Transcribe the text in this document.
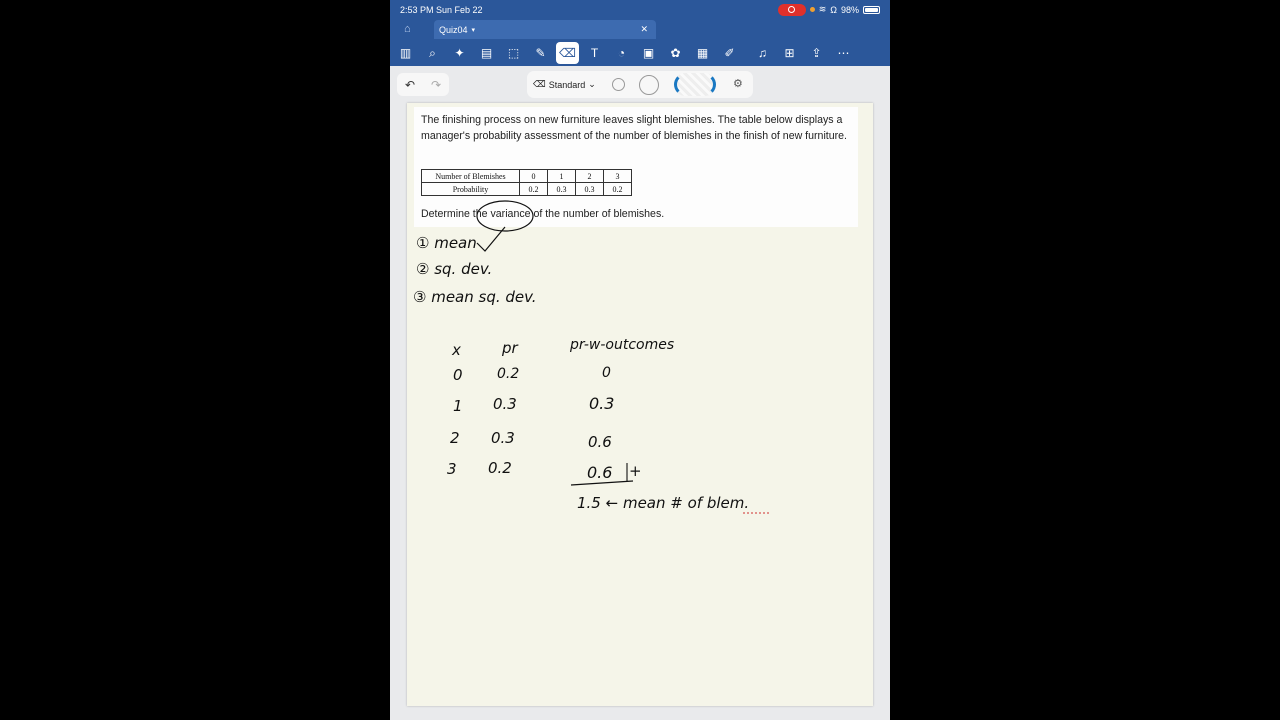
2:53 PM Sun Feb 22	≋ Ω 98%
⌂	Quiz04 ▾	✕
▥	⌕	✦	▤	⬚	✎	⌫	T	◔	▣	✿	▦	✐	♫	⊞	⇪	⋯
↶ ↷	⌫ Standard ⌄	⚙
The finishing process on new furniture leaves slight blemishes. The table below displays a manager's probability assessment of the number of blemishes in the finish of new furniture.
Number of Blemishes	0	1	2	3
Probability	0.2	0.3	0.3	0.2
Determine the variance of the number of blemishes.
① mean
② sq. dev.
③ mean sq. dev.
x	pr	pr-w-outcomes
0 0.2	0
1 0.3	0.3
2 0.3	0.6
3 0.2	0.6 +
1.5 ← mean # of blem.
